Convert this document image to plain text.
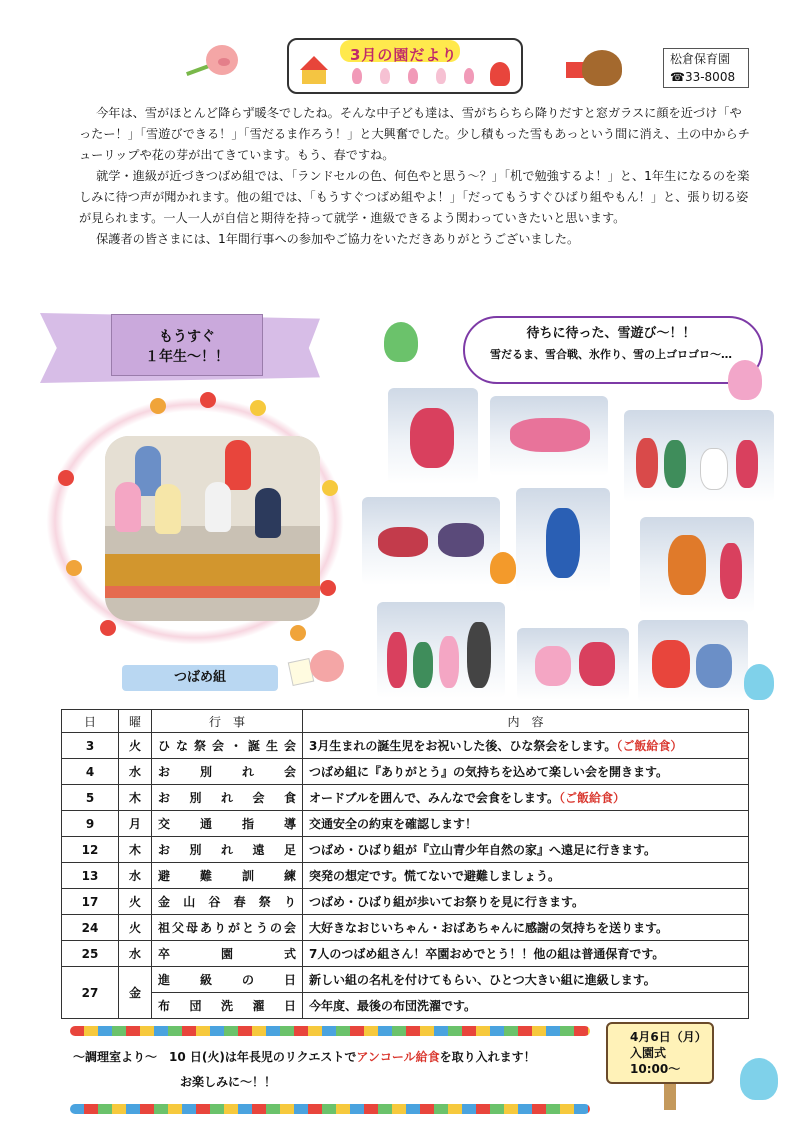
3月の園だより	松倉保育園
☎33-8008

今年は、雪がほとんど降らず暖冬でしたね。そんな中子ども達は、雪がちらちら降りだすと窓ガラスに顔を近づけ「やったー！」「雪遊びできる！」「雪だるま作ろう！」と大興奮でした。少し積もった雪もあっという間に消え、土の中からチューリップや花の芽が出てきています。もう、春ですね。

就学・進級が近づきつばめ組では、「ランドセルの色、何色やと思う～？」「机で勉強するよ！」と、1年生になるのを楽しみに待つ声が聞かれます。他の組では、「もうすぐつばめ組やよ！」「だってもうすぐひばり組やもん！」と、張り切る姿が見られます。一人一人が自信と期待を持って就学・進級できるよう関わっていきたいと思います。

保護者の皆さまには、1年間行事への参加やご協力をいただきありがとうございました。

もうすぐ
１年生～！！
つばめ組
待ちに待った、雪遊び～！！
雪だるま、雪合戦、氷作り、雪の上ゴロゴロ～…
日	曜	行　事	内　容
3	火	ひな祭会・誕生会	3月生まれの誕生児をお祝いした後、ひな祭会をします。（ご飯給食）
4	水	お別れ会	つばめ組に『ありがとう』の気持ちを込めて楽しい会を開きます。
5	木	お別れ会食	オードブルを囲んで、みんなで会食をします。（ご飯給食）
9	月	交通指導	交通安全の約束を確認します！
12	木	お別れ遠足	つばめ・ひばり組が『立山青少年自然の家』へ遠足に行きます。
13	水	避難訓練	突発の想定です。慌てないで避難しましょう。
17	火	金山谷春祭り	つばめ・ひばり組が歩いてお祭りを見に行きます。
24	火	祖父母ありがとうの会	大好きなおじいちゃん・おばあちゃんに感謝の気持ちを送ります。
25	水	卒園式	7人のつばめ組さん！卒園おめでとう！！他の組は普通保育です。
27	金	進級の日	新しい組の名札を付けてもらい、ひとつ大きい組に進級します。
		布団洗濯日	今年度、最後の布団洗濯です。
～調理室より～　10 日(火)は年長児のリクエストでアンコール給食を取り入れます！
お楽しみに～！！
4月6日（月）
入園式
10:00～
